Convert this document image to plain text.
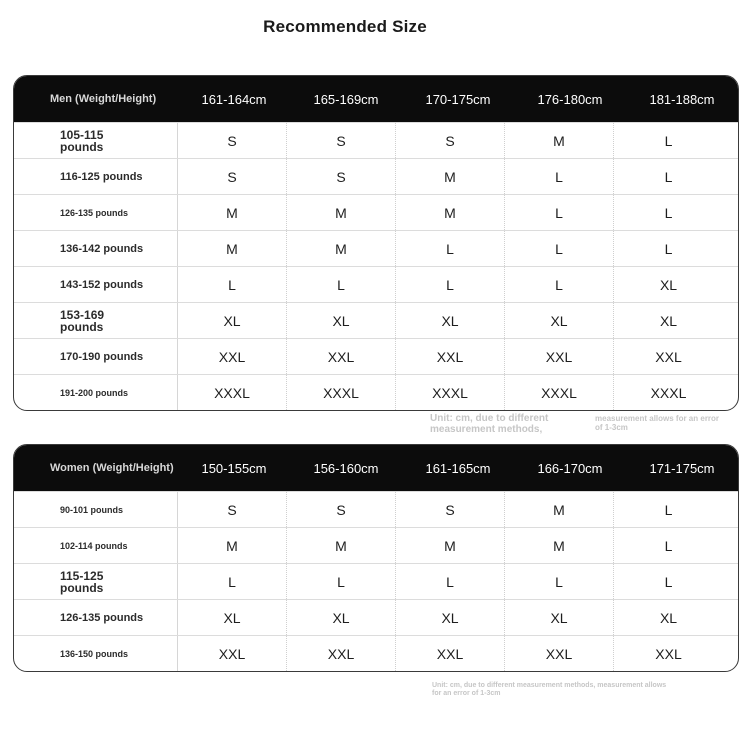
Recommended Size
Men (Weight/Height)	161-164cm	165-169cm	170-175cm	176-180cm	181-188cm
105-115 pounds	S	S	S	M	L
116-125 pounds	S	S	M	L	L
126-135 pounds	M	M	M	L	L
136-142 pounds	M	M	L	L	L
143-152 pounds	L	L	L	L	XL
153-169 pounds	XL	XL	XL	XL	XL
170-190 pounds	XXL	XXL	XXL	XXL	XXL
191-200 pounds	XXXL	XXXL	XXXL	XXXL	XXXL
Unit: cm, due to different measurement methods,
measurement allows for an error of 1-3cm
Women (Weight/Height)	150-155cm	156-160cm	161-165cm	166-170cm	171-175cm
90-101 pounds	S	S	S	M	L
102-114 pounds	M	M	M	M	L
115-125 pounds	L	L	L	L	L
126-135 pounds	XL	XL	XL	XL	XL
136-150 pounds	XXL	XXL	XXL	XXL	XXL
Unit: cm, due to different measurement methods, measurement allows for an error of 1-3cm
